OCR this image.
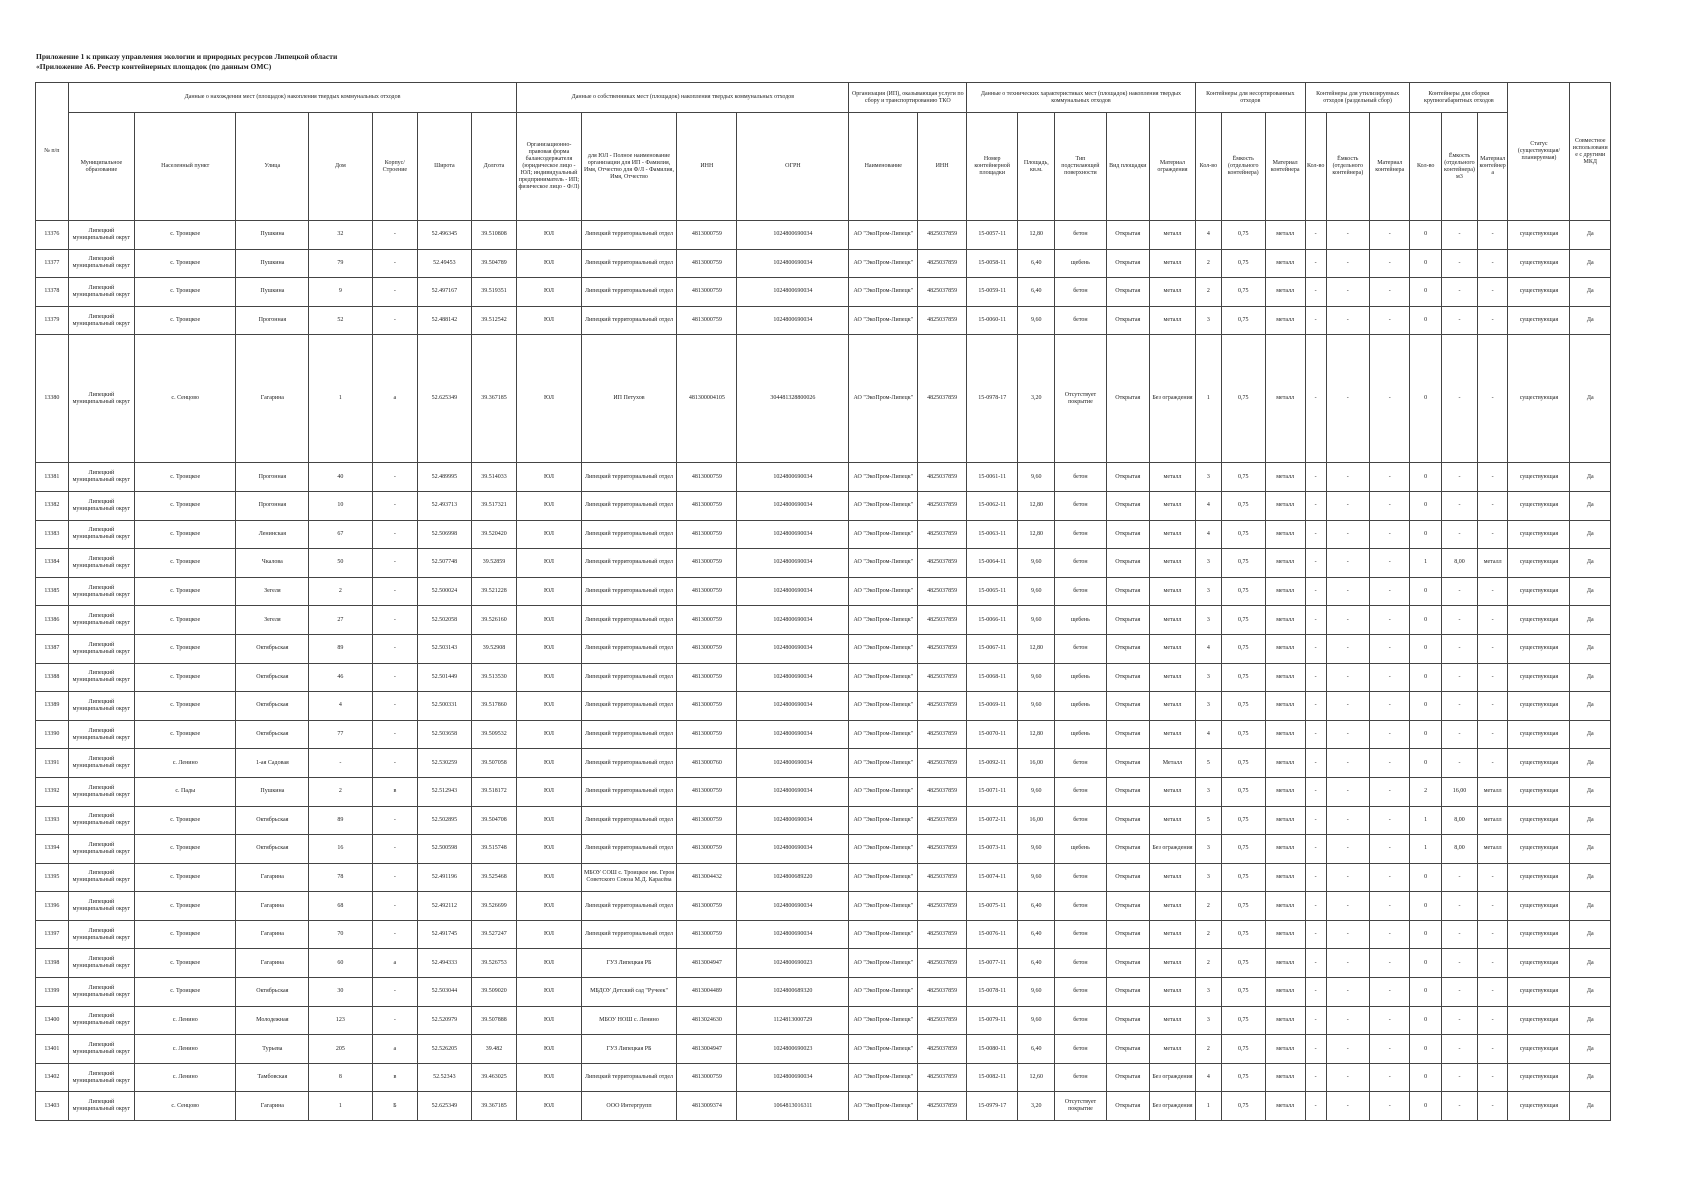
Приложение 1 к приказу управления экологии и природных ресурсов Липецкой области
«Приложение А6. Реестр контейнерных площадок (по данным ОМС)
№ п/п	Данные о нахождении мест (площадок) накопления твердых коммунальных отходов							Данные о собственниках мест (площадок) накопления твердых коммунальных отходов				Организация (ИП), оказывающая услуги по сбору и транспортированию ТКО		Данные о технических характеристиках мест (площадок) накопления твердых коммунальных отходов					Контейнеры для несортированных отходов			Контейнеры для утилизируемых отходов (раздельный сбор)			Контейнеры для сборки крупногабаритных отходов			Статус (существующая/ планируемая)	Совместное использование с другими МКД
	Муниципальное образование	Населенный пункт	Улица	Дом	Корпус/Строение	Широта	Долгота	Организационно-правовая форма балансодержателя (юридическое лицо - ЮЛ; индивидуальный предприниматель - ИП; физическое лицо - Ф/Л)	для ЮЛ - Полное наименование организации для ИП - Фамилия, Имя, Отчество для Ф/Л - Фамилия, Имя, Отчество	ИНН	ОГРН	Наименование	ИНН	Номер контейнерной площадки	Площадь, кв.м.	Тип подстилающей поверхности	Вид площадки	Материал ограждения	Кол-во	Ёмкость (отдельного контейнера)	Материал контейнера	Кол-во	Ёмкость (отдельного контейнера)	Материал контейнера	Кол-во	Ёмкость (отдельного контейнера) м3	Материал контейнера		
13376	Липецкий муниципальный округ	с. Троицкое	Пушкина	32	-	52.496345	39.510808	ЮЛ	Липецкий территориальный отдел	4813000759	1024800690034	АО "ЭкоПром-Липецк"	4825037859	15-0057-11	12,80	бетон	Открытая	металл	4	0,75	металл	-	-	-	0	-	-	существующая	Да
13377	Липецкий муниципальный округ	с. Троицкое	Пушкина	79	-	52.49453	39.504789	ЮЛ	Липецкий территориальный отдел	4813000759	1024800690034	АО "ЭкоПром-Липецк"	4825037859	15-0058-11	6,40	щебень	Открытая	металл	2	0,75	металл	-	-	-	0	-	-	существующая	Да
13378	Липецкий муниципальный округ	с. Троицкое	Пушкина	9	-	52.497167	39.519351	ЮЛ	Липецкий территориальный отдел	4813000759	1024800690034	АО "ЭкоПром-Липецк"	4825037859	15-0059-11	6,40	бетон	Открытая	металл	2	0,75	металл	-	-	-	0	-	-	существующая	Да
13379	Липецкий муниципальный округ	с. Троицкое	Прогонная	52	-	52.488142	39.512542	ЮЛ	Липецкий территориальный отдел	4813000759	1024800690034	АО "ЭкоПром-Липецк"	4825037859	15-0060-11	9,60	бетон	Открытая	металл	3	0,75	металл	-	-	-	0	-	-	существующая	Да
13380	Липецкий муниципальный округ	с. Сенцово	Гагарина	1	а	52.625349	39.367185	ЮЛ	ИП Петухов	481300004105	304481328800026	АО "ЭкоПром-Липецк"	4825037859	15-0978-17	3,20	Отсутствует покрытие	Открытая	Без ограждения	1	0,75	металл	-	-	-	0	-	-	существующая	Да
13381	Липецкий муниципальный округ	с. Троицкое	Прогонная	40	-	52.489995	39.514033	ЮЛ	Липецкий территориальный отдел	4813000759	1024800690034	АО "ЭкоПром-Липецк"	4825037859	15-0061-11	9,60	бетон	Открытая	металл	3	0,75	металл	-	-	-	0	-	-	существующая	Да
13382	Липецкий муниципальный округ	с. Троицкое	Прогонная	10	-	52.493713	39.517321	ЮЛ	Липецкий территориальный отдел	4813000759	1024800690034	АО "ЭкоПром-Липецк"	4825037859	15-0062-11	12,80	бетон	Открытая	металл	4	0,75	металл	-	-	-	0	-	-	существующая	Да
13383	Липецкий муниципальный округ	с. Троицкое	Ленинская	67	-	52.506998	39.520420	ЮЛ	Липецкий территориальный отдел	4813000759	1024800690034	АО "ЭкоПром-Липецк"	4825037859	15-0063-11	12,80	бетон	Открытая	металл	4	0,75	металл	-	-	-	0	-	-	существующая	Да
13384	Липецкий муниципальный округ	с. Троицкое	Чкалова	50	-	52.507748	39.52859	ЮЛ	Липецкий территориальный отдел	4813000759	1024800690034	АО "ЭкоПром-Липецк"	4825037859	15-0064-11	9,60	бетон	Открытая	металл	3	0,75	металл	-	-	-	1	8,00	металл	существующая	Да
13385	Липецкий муниципальный округ	с. Троицкое	Зегеля	2	-	52.500024	39.521228	ЮЛ	Липецкий территориальный отдел	4813000759	1024800690034	АО "ЭкоПром-Липецк"	4825037859	15-0065-11	9,60	бетон	Открытая	металл	3	0,75	металл	-	-	-	0	-	-	существующая	Да
13386	Липецкий муниципальный округ	с. Троицкое	Зегеля	27	-	52.502058	39.526160	ЮЛ	Липецкий территориальный отдел	4813000759	1024800690034	АО "ЭкоПром-Липецк"	4825037859	15-0066-11	9,60	щебень	Открытая	металл	3	0,75	металл	-	-	-	0	-	-	существующая	Да
13387	Липецкий муниципальный округ	с. Троицкое	Октябрьская	89	-	52.503143	39.52908	ЮЛ	Липецкий территориальный отдел	4813000759	1024800690034	АО "ЭкоПром-Липецк"	4825037859	15-0067-11	12,80	бетон	Открытая	металл	4	0,75	металл	-	-	-	0	-	-	существующая	Да
13388	Липецкий муниципальный округ	с. Троицкое	Октябрьская	46	-	52.501449	39.513530	ЮЛ	Липецкий территориальный отдел	4813000759	1024800690034	АО "ЭкоПром-Липецк"	4825037859	15-0068-11	9,60	щебень	Открытая	металл	3	0,75	металл	-	-	-	0	-	-	существующая	Да
13389	Липецкий муниципальный округ	с. Троицкое	Октябрьская	4	-	52.500331	39.517860	ЮЛ	Липецкий территориальный отдел	4813000759	1024800690034	АО "ЭкоПром-Липецк"	4825037859	15-0069-11	9,60	щебень	Открытая	металл	3	0,75	металл	-	-	-	0	-	-	существующая	Да
13390	Липецкий муниципальный округ	с. Троицкое	Октябрьская	77	-	52.503658	39.509532	ЮЛ	Липецкий территориальный отдел	4813000759	1024800690034	АО "ЭкоПром-Липецк"	4825037859	15-0070-11	12,80	щебень	Открытая	металл	4	0,75	металл	-	-	-	0	-	-	существующая	Да
13391	Липецкий муниципальный округ	с. Ленино	1-ая Садовая	-	-	52.530259	39.507058	ЮЛ	Липецкий территориальный отдел	4813000760	1024800690034	АО "ЭкоПром-Липецк"	4825037859	15-0092-11	16,00	бетон	Открытая	Металл	5	0,75	металл	-	-	-	0	-	-	существующая	Да
13392	Липецкий муниципальный округ	с. Пады	Пушкина	2	в	52.512943	39.518172	ЮЛ	Липецкий территориальный отдел	4813000759	1024800690034	АО "ЭкоПром-Липецк"	4825037859	15-0071-11	9,60	бетон	Открытая	металл	3	0,75	металл	-	-	-	2	16,00	металл	существующая	Да
13393	Липецкий муниципальный округ	с. Троицкое	Октябрьская	89	-	52.502895	39.504708	ЮЛ	Липецкий территориальный отдел	4813000759	1024800690034	АО "ЭкоПром-Липецк"	4825037859	15-0072-11	16,00	бетон	Открытая	металл	5	0,75	металл	-	-	-	1	8,00	металл	существующая	Да
13394	Липецкий муниципальный округ	с. Троицкое	Октябрьская	16	-	52.500598	39.515748	ЮЛ	Липецкий территориальный отдел	4813000759	1024800690034	АО "ЭкоПром-Липецк"	4825037859	15-0073-11	9,60	щебень	Открытая	Без ограждения	3	0,75	металл	-	-	-	1	8,00	металл	существующая	Да
13395	Липецкий муниципальный округ	с. Троицкое	Гагарина	78	-	52.491196	39.525468	ЮЛ	МБОУ СОШ с. Троицкое им. Героя Советского Союза М.Д. Карасёва	4813004432	1024800689220	АО "ЭкоПром-Липецк"	4825037859	15-0074-11	9,60	бетон	Открытая	металл	3	0,75	металл	-	-	-	0	-	-	существующая	Да
13396	Липецкий муниципальный округ	с. Троицкое	Гагарина	68	-	52.492112	39.526699	ЮЛ	Липецкий территориальный отдел	4813000759	1024800690034	АО "ЭкоПром-Липецк"	4825037859	15-0075-11	6,40	бетон	Открытая	металл	2	0,75	металл	-	-	-	0	-	-	существующая	Да
13397	Липецкий муниципальный округ	с. Троицкое	Гагарина	70	-	52.491745	39.527247	ЮЛ	Липецкий территориальный отдел	4813000759	1024800690034	АО "ЭкоПром-Липецк"	4825037859	15-0076-11	6,40	бетон	Открытая	металл	2	0,75	металл	-	-	-	0	-	-	существующая	Да
13398	Липецкий муниципальный округ	с. Троицкое	Гагарина	60	а	52.494333	39.526753	ЮЛ	ГУЗ Липецкая РБ	4813004947	1024800690023	АО "ЭкоПром-Липецк"	4825037859	15-0077-11	6,40	бетон	Открытая	металл	2	0,75	металл	-	-	-	0	-	-	существующая	Да
13399	Липецкий муниципальный округ	с. Троицкое	Октябрьская	30	-	52.503044	39.509020	ЮЛ	МБДОУ Детский сад "Ручеек"	4813004489	1024800689320	АО "ЭкоПром-Липецк"	4825037859	15-0078-11	9,60	бетон	Открытая	металл	3	0,75	металл	-	-	-	0	-	-	существующая	Да
13400	Липецкий муниципальный округ	с. Ленино	Молодежная	123	-	52.520979	39.507888	ЮЛ	МБОУ НОШ с. Ленино	4813024630	1124813000729	АО "ЭкоПром-Липецк"	4825037859	15-0079-11	9,60	бетон	Открытая	металл	3	0,75	металл	-	-	-	0	-	-	существующая	Да
13401	Липецкий муниципальный округ	с. Ленино	Турьева	205	а	52.526205	39.482	ЮЛ	ГУЗ Липецкая РБ	4813004947	1024800690023	АО "ЭкоПром-Липецк"	4825037859	15-0080-11	6,40	бетон	Открытая	металл	2	0,75	металл	-	-	-	0	-	-	существующая	Да
13402	Липецкий муниципальный округ	с. Ленино	Тамбовская	8	в	52.52343	39.463025	ЮЛ	Липецкий территориальный отдел	4813000759	1024800690034	АО "ЭкоПром-Липецк"	4825037859	15-0082-11	12,60	бетон	Открытая	Без ограждения	4	0,75	металл	-	-	-	0	-	-	существующая	Да
13403	Липецкий муниципальный округ	с. Сенцово	Гагарина	1	Б	52.625349	39.367185	ЮЛ	ООО Интергрупп	4813009374	1064813016311	АО "ЭкоПром-Липецк"	4825037859	15-0979-17	3,20	Отсутствует покрытие	Открытая	Без ограждения	1	0,75	металл	-	-	-	0	-	-	существующая	Да
